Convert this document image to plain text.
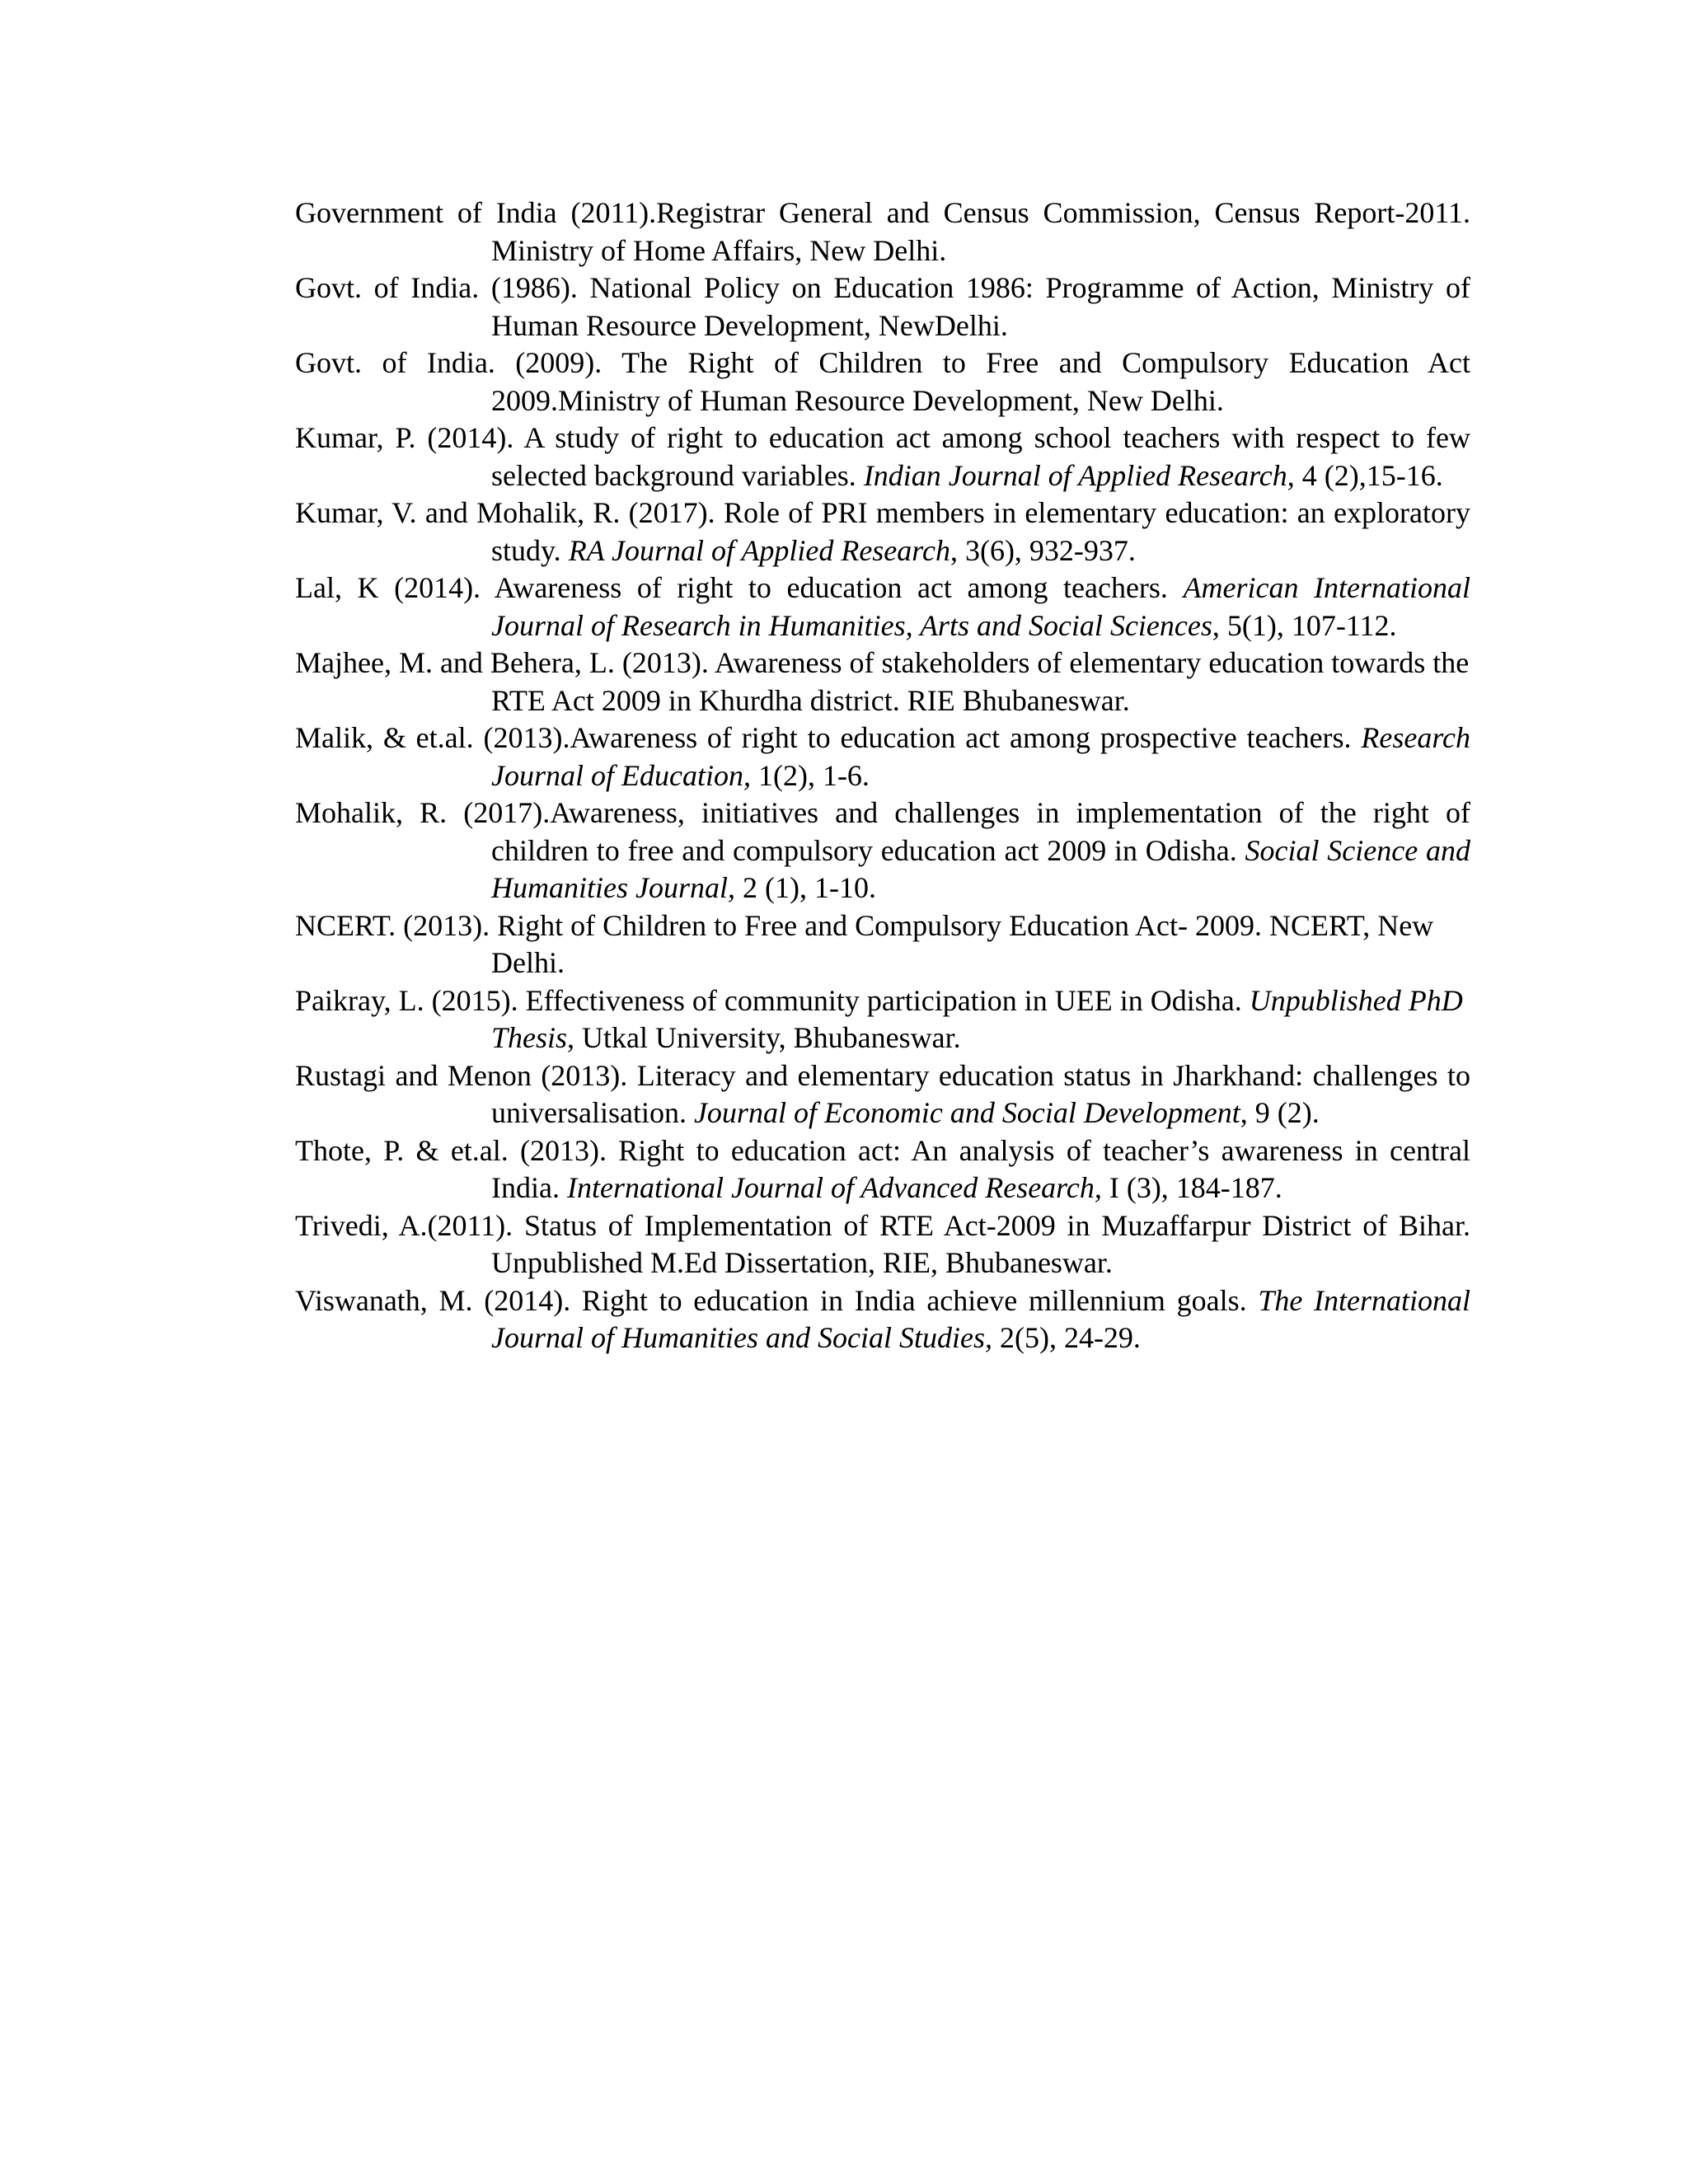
Government of India (2011).Registrar General and Census Commission, Census Report-2011. Ministry of Home Affairs, New Delhi.

Govt. of India. (1986). National Policy on Education 1986: Programme of Action, Ministry of Human Resource Development, NewDelhi.

Govt. of India. (2009). The Right of Children to Free and Compulsory Education Act 2009.Ministry of Human Resource Development, New Delhi.

Kumar, P. (2014). A study of right to education act among school teachers with respect to few selected background variables. Indian Journal of Applied Research, 4 (2),15-16.

Kumar, V. and Mohalik, R. (2017). Role of PRI members in elementary education: an exploratory study. RA Journal of Applied Research, 3(6), 932-937.

Lal, K (2014). Awareness of right to education act among teachers. American International Journal of Research in Humanities, Arts and Social Sciences, 5(1), 107-112.

Majhee, M. and Behera, L. (2013). Awareness of stakeholders of elementary education towards the RTE Act 2009 in Khurdha district. RIE Bhubaneswar.

Malik, & et.al. (2013).Awareness of right to education act among prospective teachers. Research Journal of Education, 1(2), 1-6.

Mohalik, R. (2017).Awareness, initiatives and challenges in implementation of the right of children to free and compulsory education act 2009 in Odisha. Social Science and Humanities Journal, 2 (1), 1-10.

NCERT. (2013). Right of Children to Free and Compulsory Education Act- 2009. NCERT, New Delhi.

Paikray, L. (2015). Effectiveness of community participation in UEE in Odisha. Unpublished PhD Thesis, Utkal University, Bhubaneswar.

Rustagi and Menon (2013). Literacy and elementary education status in Jharkhand: challenges to universalisation. Journal of Economic and Social Development, 9 (2).

Thote, P. & et.al. (2013). Right to education act: An analysis of teacher’s awareness in central India. International Journal of Advanced Research, I (3), 184-187.

Trivedi, A.(2011). Status of Implementation of RTE Act-2009 in Muzaffarpur District of Bihar. Unpublished M.Ed Dissertation, RIE, Bhubaneswar.

Viswanath, M. (2014). Right to education in India achieve millennium goals. The International Journal of Humanities and Social Studies, 2(5), 24-29.
